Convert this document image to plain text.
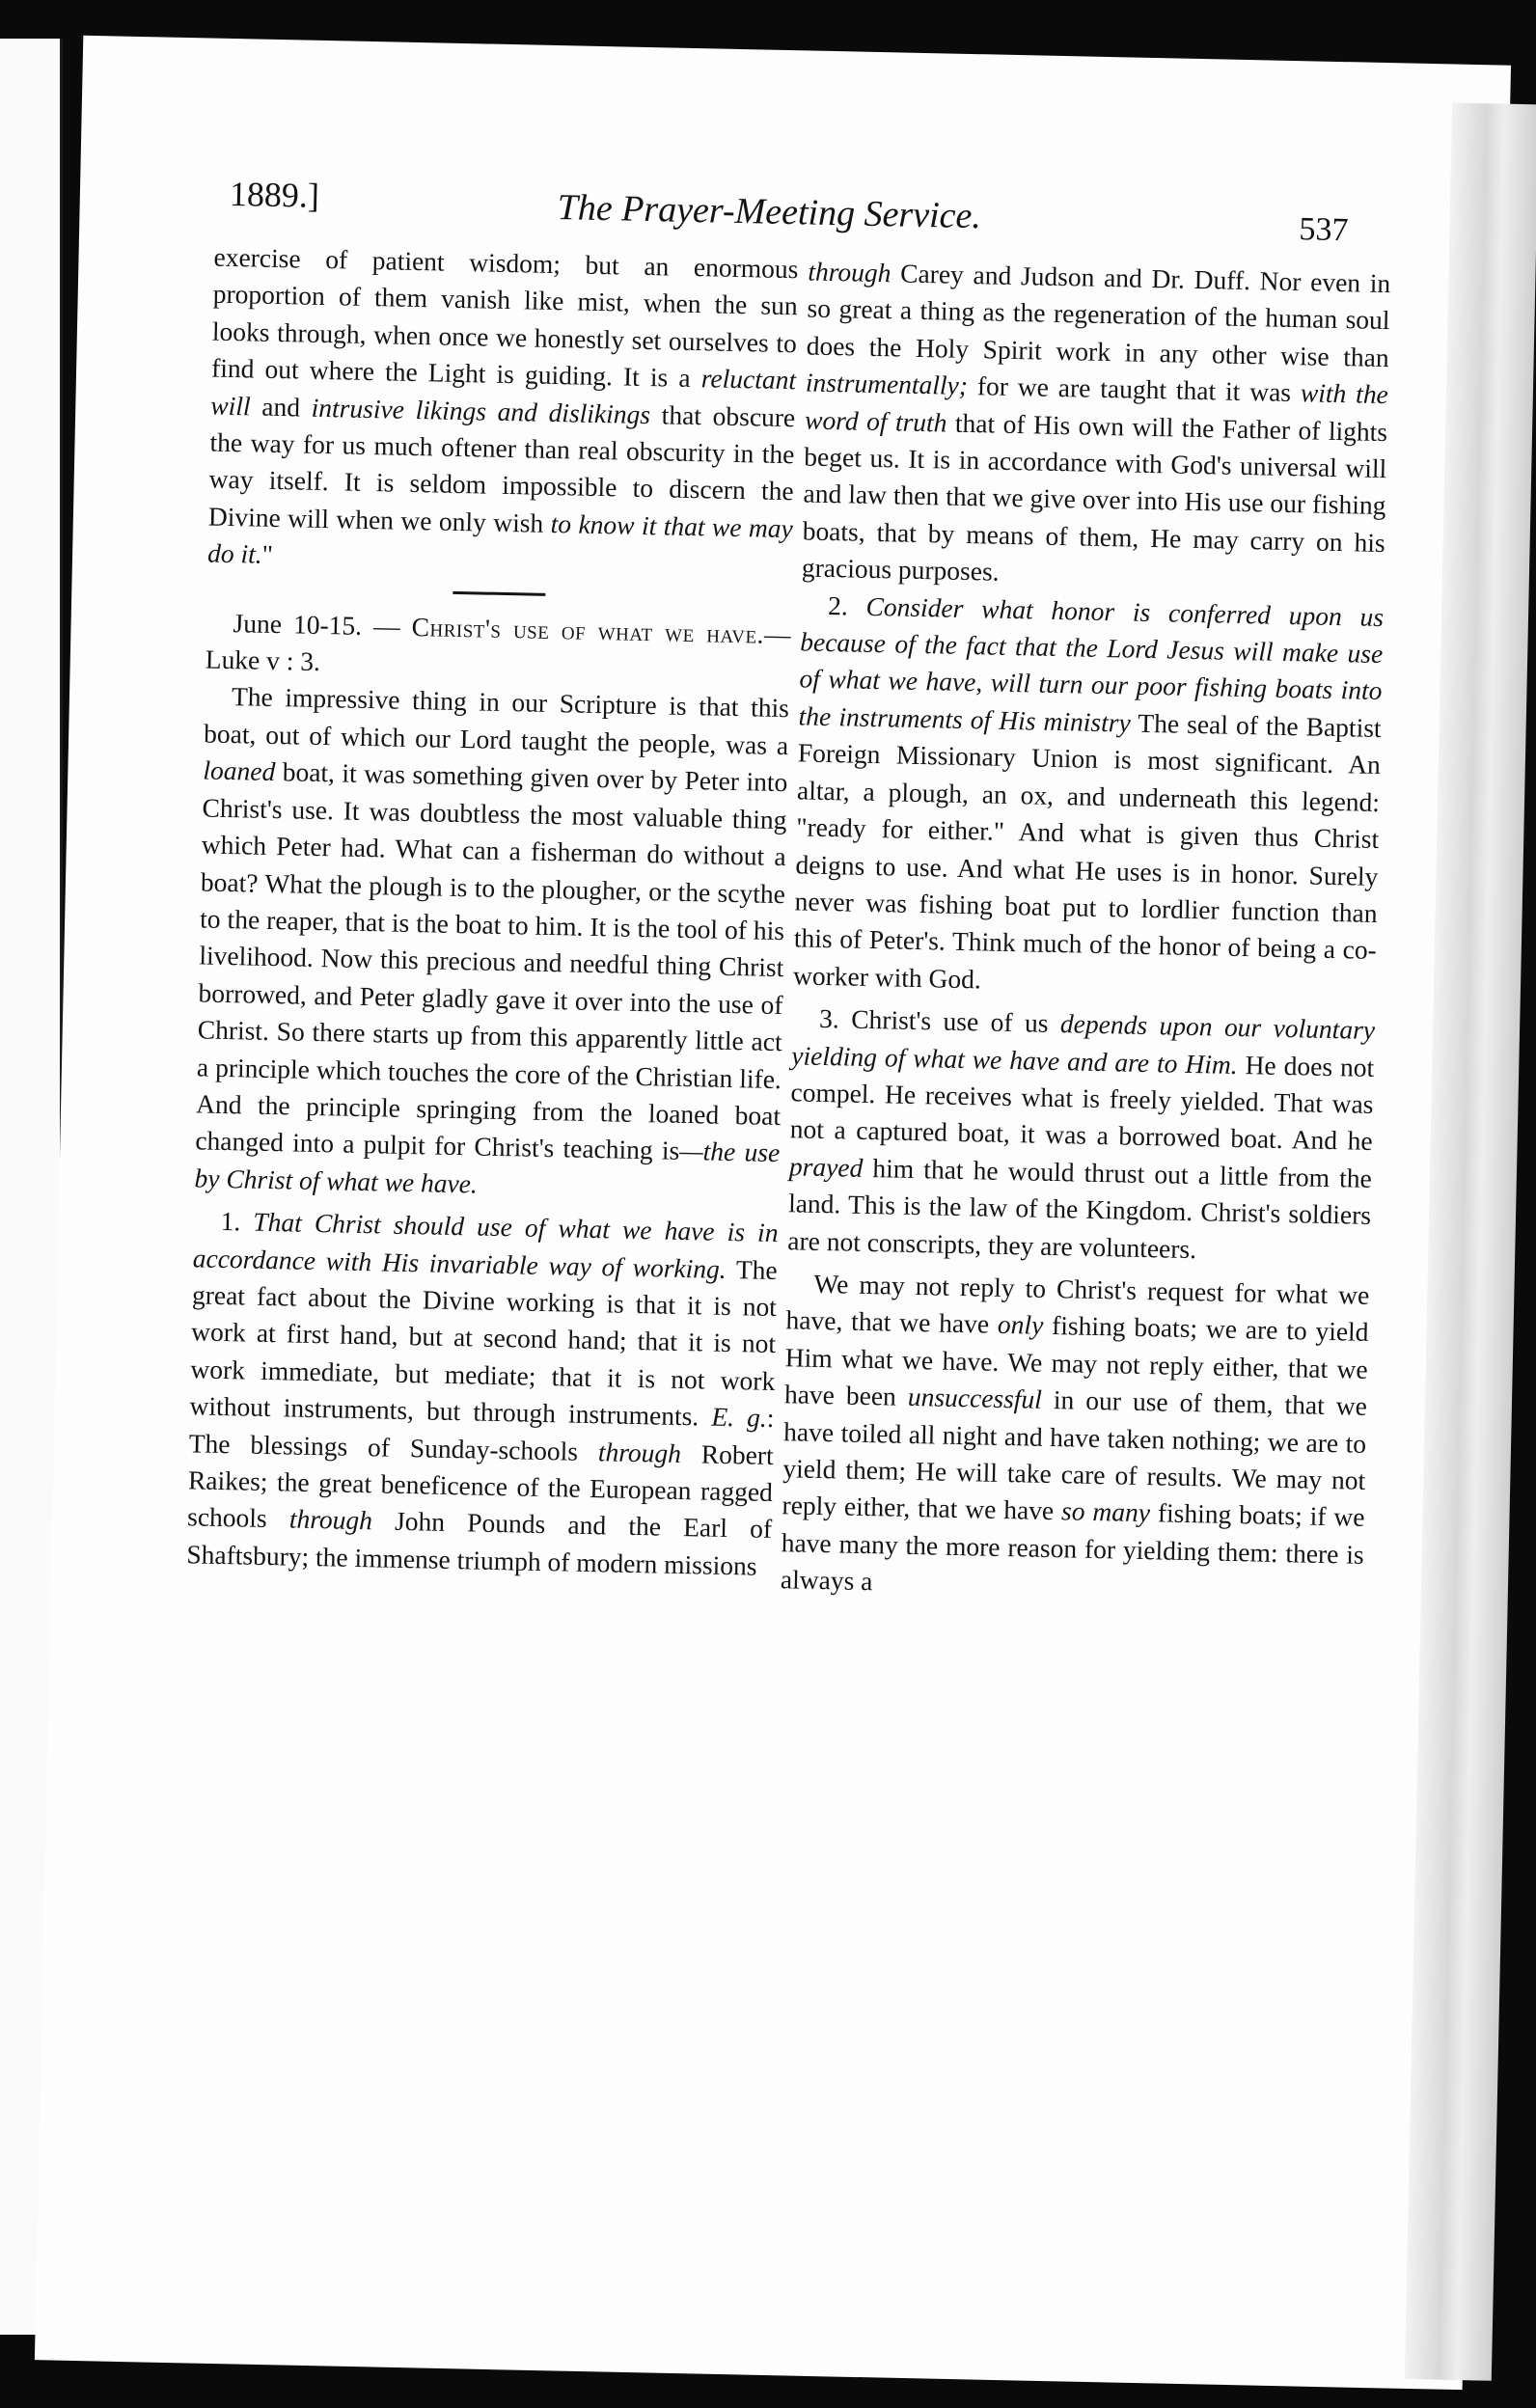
1889.]	The Prayer-Meeting Service.	537

exercise of patient wisdom; but an enormous proportion of them vanish like mist, when the sun looks through, when once we honestly set ourselves to find out where the Light is guiding. It is a reluctant will and intrusive likings and dislikings that obscure the way for us much oftener than real obscurity in the way itself. It is seldom impossible to discern the Divine will when we only wish to know it that we may do it."

June 10-15. — Christ's use of what we have.—Luke v : 3.

The impressive thing in our Scripture is that this boat, out of which our Lord taught the people, was a loaned boat, it was something given over by Peter into Christ's use. It was doubtless the most valuable thing which Peter had. What can a fisherman do without a boat? What the plough is to the plougher, or the scythe to the reaper, that is the boat to him. It is the tool of his livelihood. Now this precious and needful thing Christ borrowed, and Peter gladly gave it over into the use of Christ. So there starts up from this apparently little act a principle which touches the core of the Christian life. And the principle springing from the loaned boat changed into a pulpit for Christ's teaching is—the use by Christ of what we have.

1. That Christ should use of what we have is in accordance with His invariable way of working. The great fact about the Divine working is that it is not work at first hand, but at second hand; that it is not work immediate, but mediate; that it is not work without instruments, but through instruments. E. g.: The blessings of Sunday-schools through Robert Raikes; the great beneficence of the European ragged schools through John Pounds and the Earl of Shaftsbury; the immense triumph of modern missions

through Carey and Judson and Dr. Duff. Nor even in so great a thing as the regeneration of the human soul does the Holy Spirit work in any other wise than instrumentally; for we are taught that it was with the word of truth that of His own will the Father of lights beget us. It is in accordance with God's universal will and law then that we give over into His use our fishing boats, that by means of them, He may carry on his gracious purposes.

2. Consider what honor is conferred upon us because of the fact that the Lord Jesus will make use of what we have, will turn our poor fishing boats into the instruments of His ministry The seal of the Baptist Foreign Missionary Union is most significant. An altar, a plough, an ox, and underneath this legend: "ready for either." And what is given thus Christ deigns to use. And what He uses is in honor. Surely never was fishing boat put to lordlier function than this of Peter's. Think much of the honor of being a co-worker with God.

3. Christ's use of us depends upon our voluntary yielding of what we have and are to Him. He does not compel. He receives what is freely yielded. That was not a captured boat, it was a borrowed boat. And he prayed him that he would thrust out a little from the land. This is the law of the Kingdom. Christ's soldiers are not conscripts, they are volunteers.

We may not reply to Christ's request for what we have, that we have only fishing boats; we are to yield Him what we have. We may not reply either, that we have been unsuccessful in our use of them, that we have toiled all night and have taken nothing; we are to yield them; He will take care of results. We may not reply either, that we have so many fishing boats; if we have many the more reason for yielding them: there is always a
